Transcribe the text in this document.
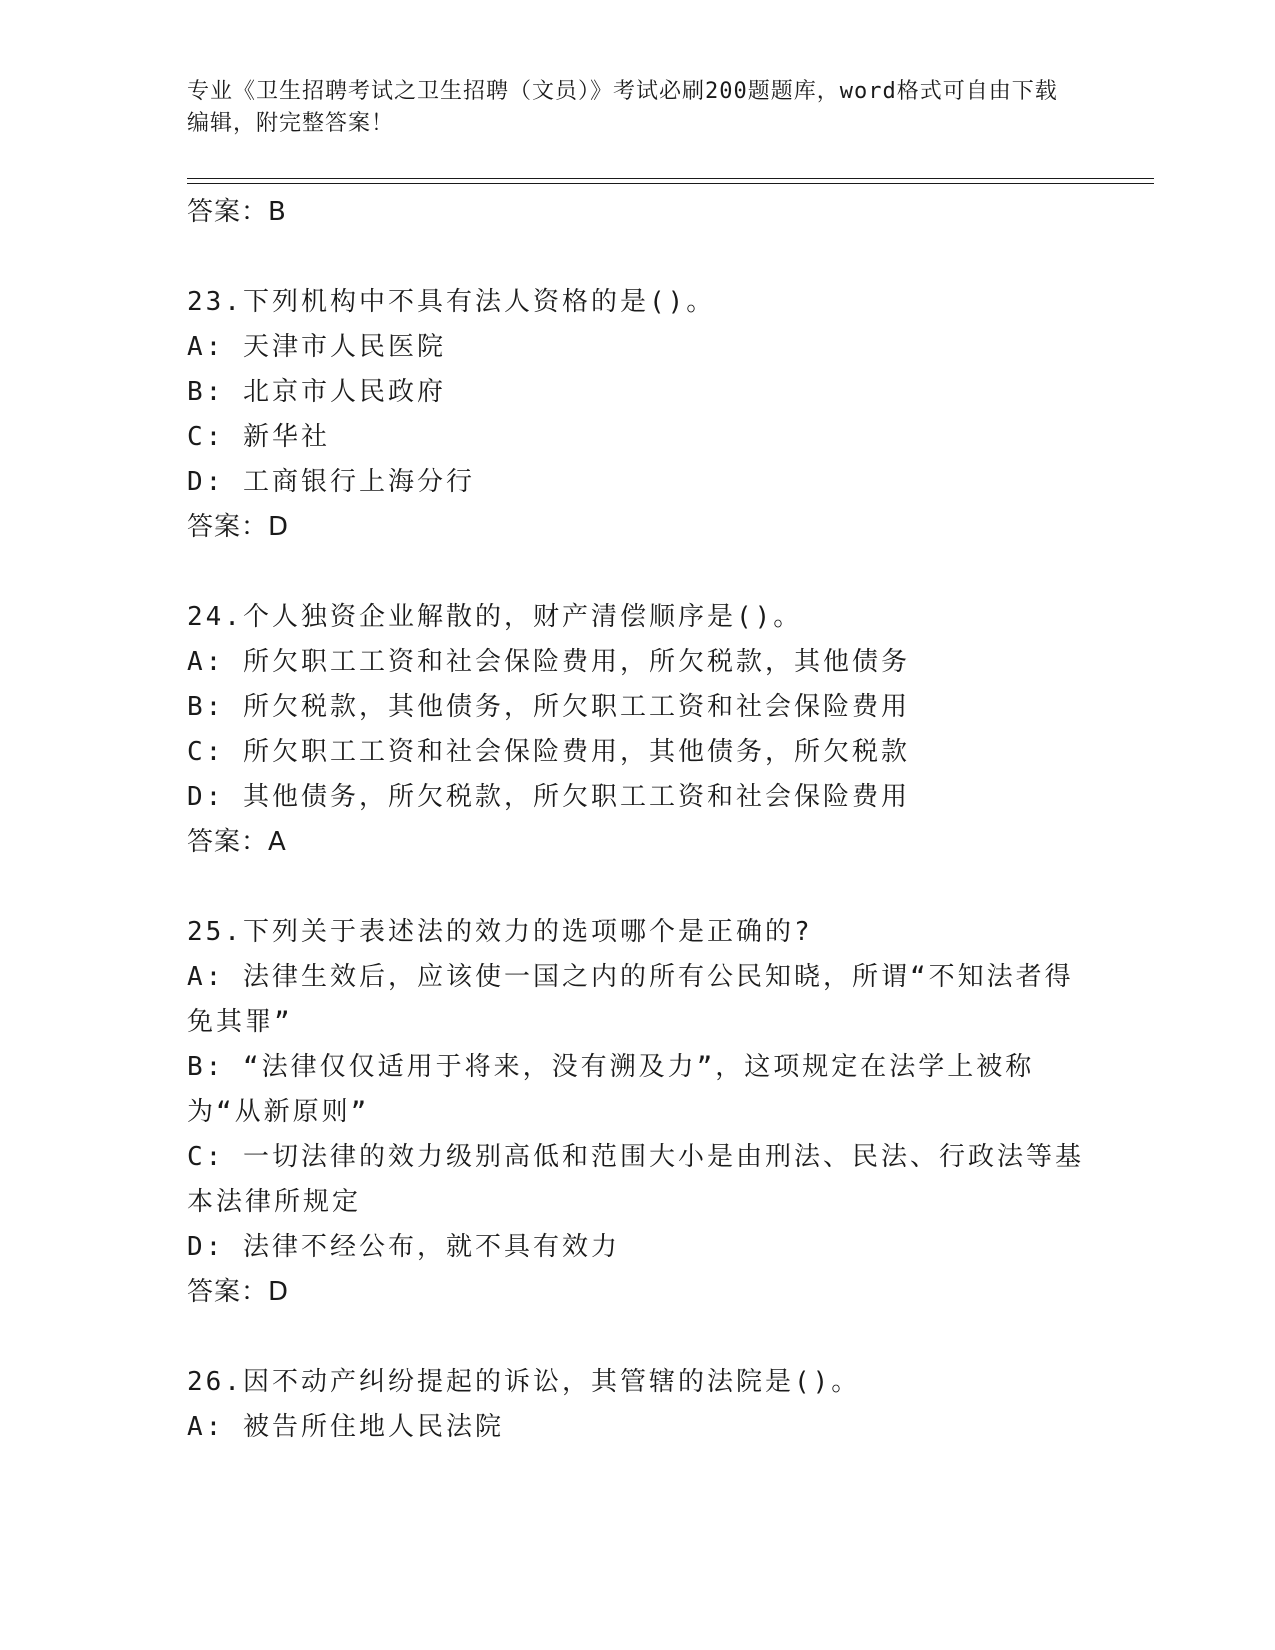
专业《卫生招聘考试之卫生招聘（文员）》考试必刷200题题库，word格式可自由下载编辑，附完整答案！
答案：B
23.下列机构中不具有法人资格的是()。
A: 天津市人民医院
B: 北京市人民政府
C: 新华社
D: 工商银行上海分行
答案：D
24.个人独资企业解散的，财产清偿顺序是()。
A: 所欠职工工资和社会保险费用，所欠税款，其他债务
B: 所欠税款，其他债务，所欠职工工资和社会保险费用
C: 所欠职工工资和社会保险费用，其他债务，所欠税款
D: 其他债务，所欠税款，所欠职工工资和社会保险费用
答案：A
25.下列关于表述法的效力的选项哪个是正确的?
A: 法律生效后，应该使一国之内的所有公民知晓，所谓“不知法者得免其罪”
B: “法律仅仅适用于将来，没有溯及力”，这项规定在法学上被称为“从新原则”
C: 一切法律的效力级别高低和范围大小是由刑法、民法、行政法等基本法律所规定
D: 法律不经公布，就不具有效力
答案：D
26.因不动产纠纷提起的诉讼，其管辖的法院是()。
A: 被告所住地人民法院
